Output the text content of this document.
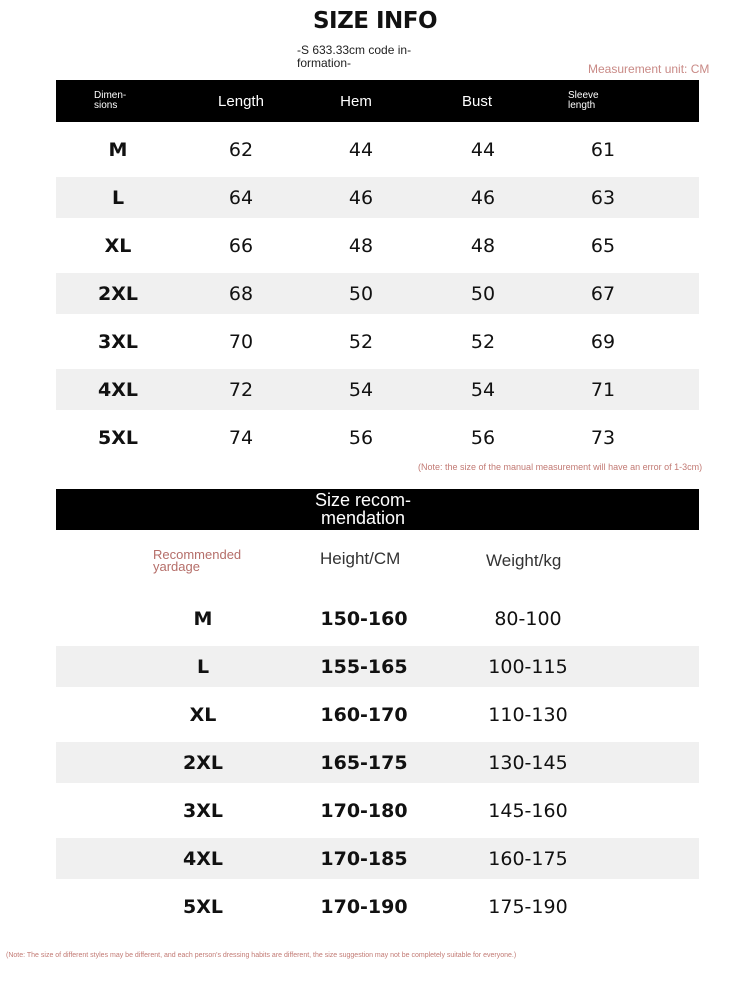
SIZE INFO
-S 633.33cm code in-formation-	Measurement unit: CM
Dimen-sions	Length	Hem	Bust	Sleeve length
M	62	44	44	61
L	64	46	46	63
XL	66	48	48	65
2XL	68	50	50	67
3XL	70	52	52	69
4XL	72	54	54	71
5XL	74	56	56	73
(Note: the size of the manual measurement will have an error of 1-3cm)
Size recom-mendation
Recommended yardage	Height/CM	Weight/kg
M	150-160	80-100
L	155-165	100-115
XL	160-170	110-130
2XL	165-175	130-145
3XL	170-180	145-160
4XL	170-185	160-175
5XL	170-190	175-190
(Note: The size of different styles may be different, and each person's dressing habits are different, the size suggestion may not be completely suitable for everyone.)
